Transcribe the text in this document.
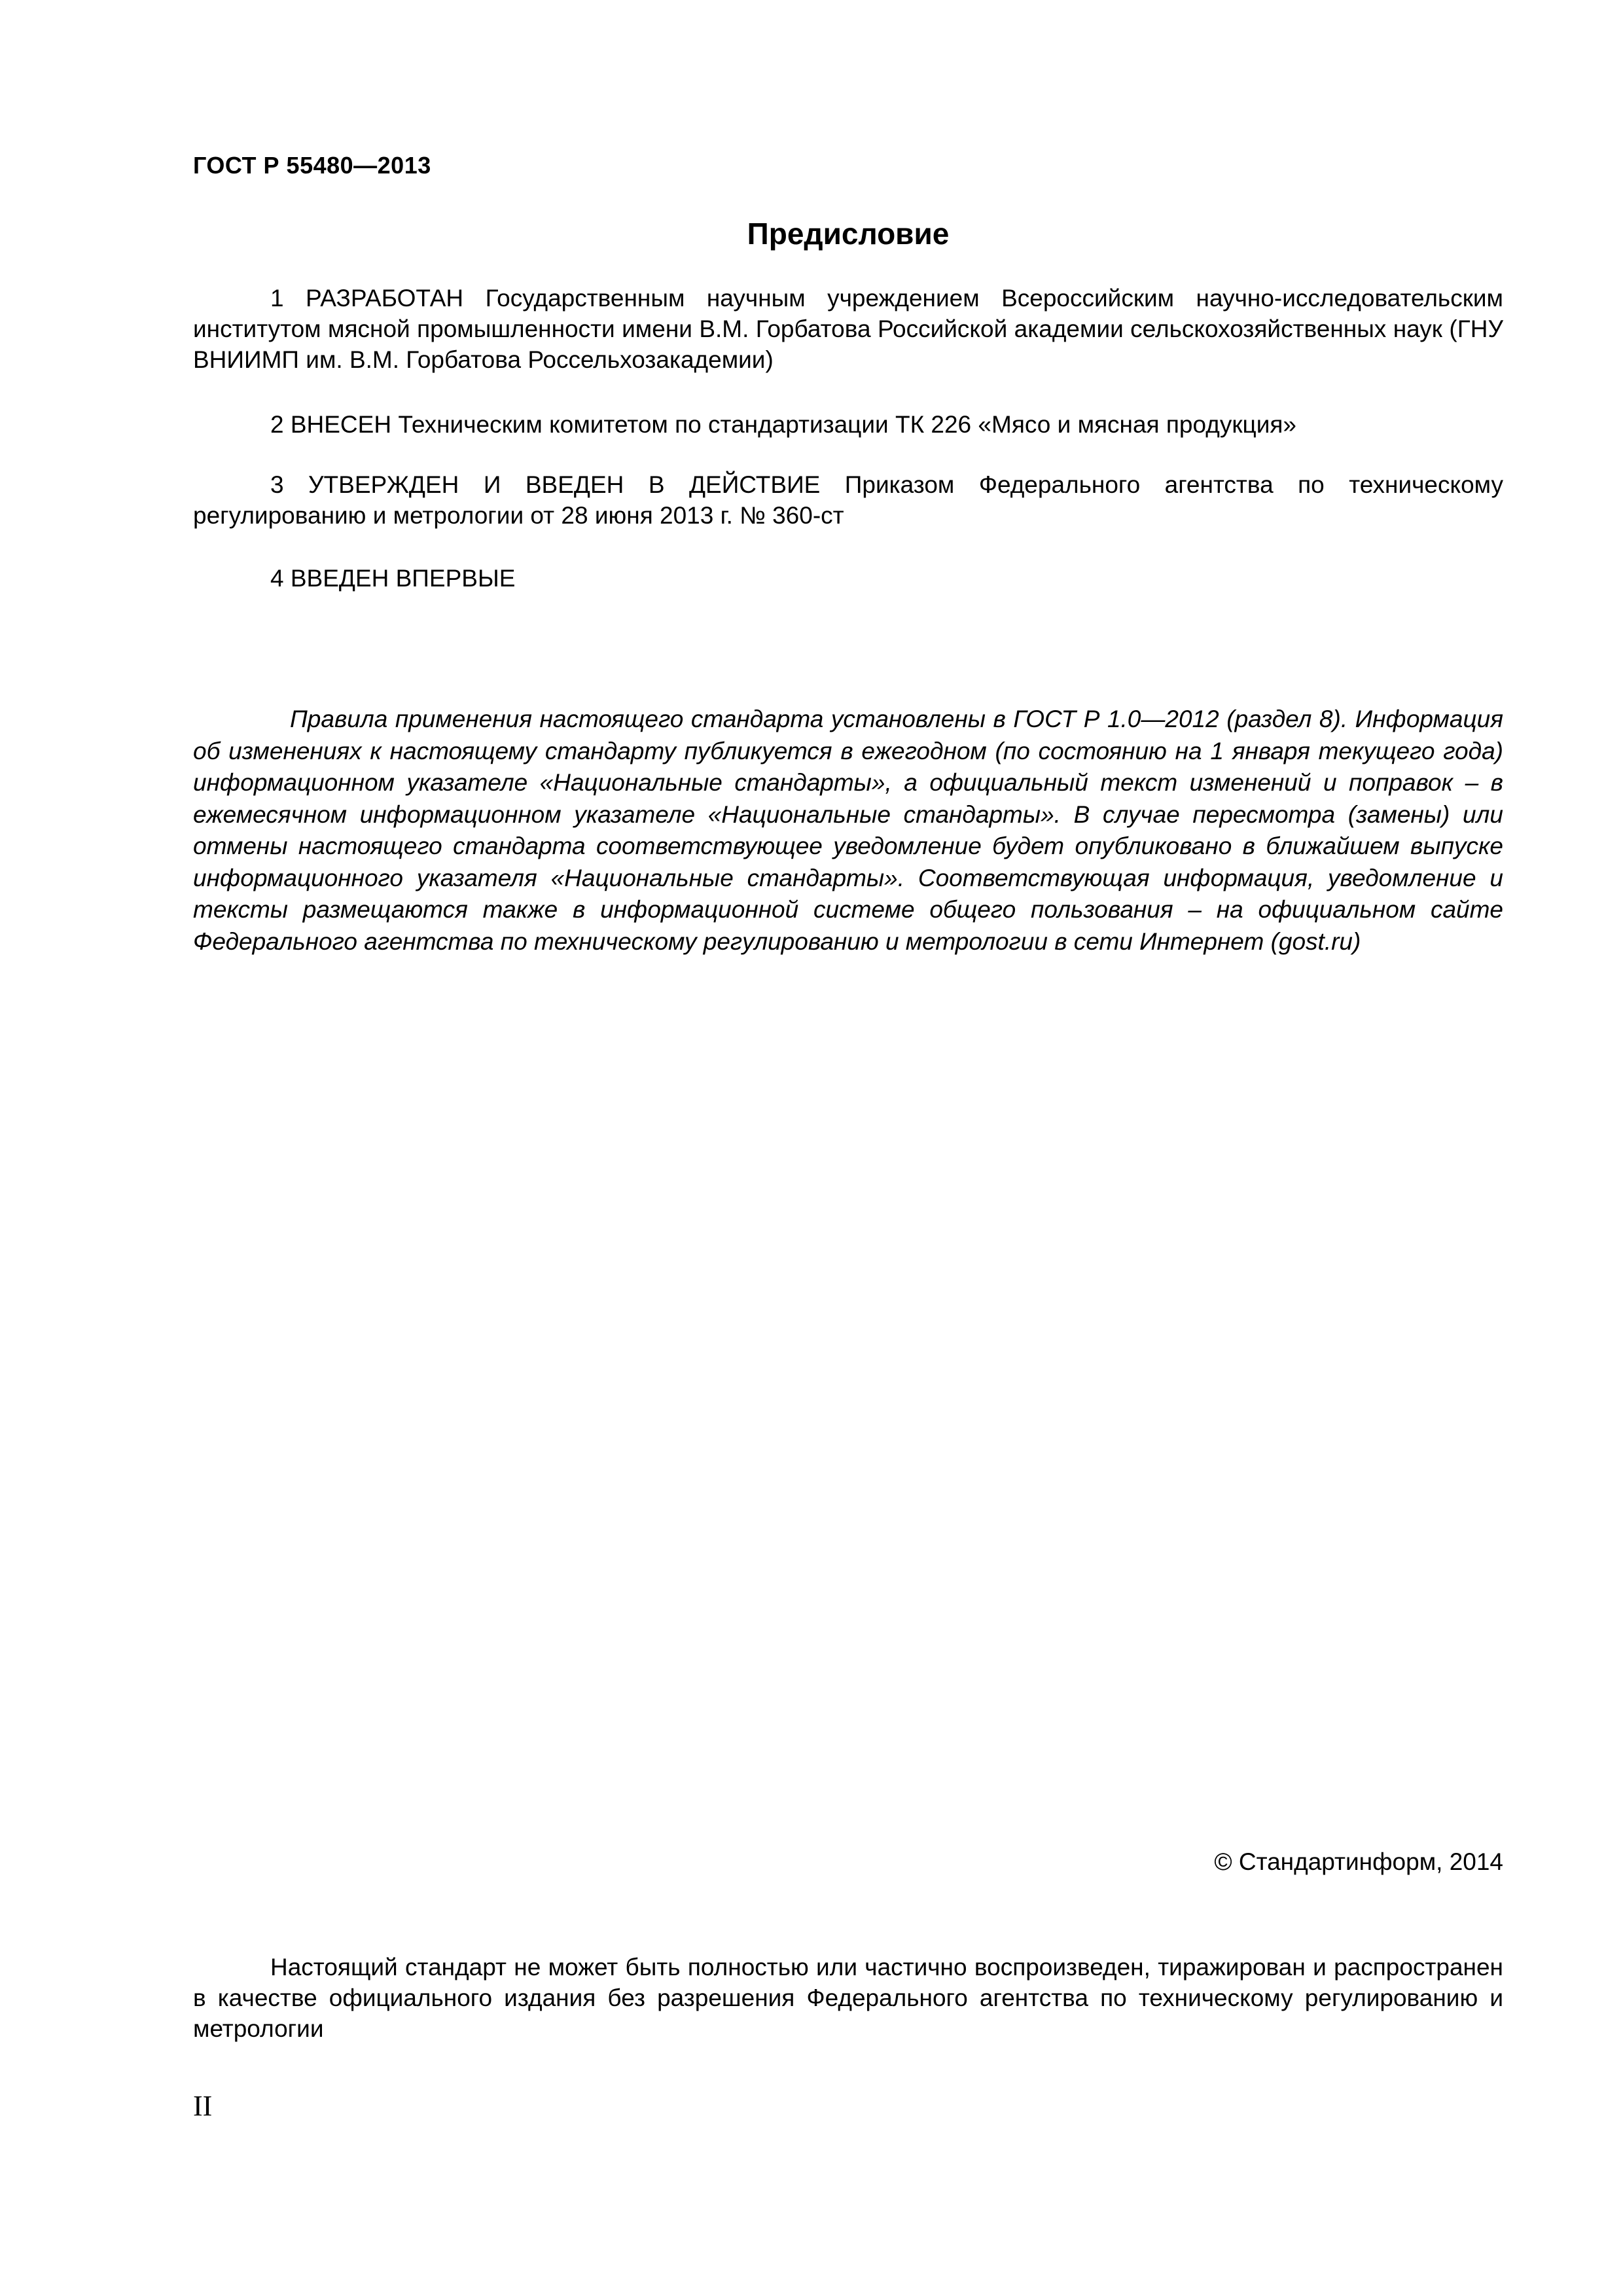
ГОСТ Р 55480—2013
Предисловие
1 РАЗРАБОТАН Государственным научным учреждением Всероссийским научно-исследовательским институтом мясной промышленности имени В.М. Горбатова Российской академии сельскохозяйственных наук (ГНУ ВНИИМП им. В.М. Горбатова Россельхозакадемии)
2 ВНЕСЕН Техническим комитетом по стандартизации ТК 226 «Мясо и мясная продукция»
3 УТВЕРЖДЕН И ВВЕДЕН В ДЕЙСТВИЕ Приказом Федерального агентства по техническому регулированию и метрологии от 28 июня 2013 г. № 360-ст
4 ВВЕДЕН ВПЕРВЫЕ
Правила применения настоящего стандарта установлены в ГОСТ Р 1.0—2012 (раздел 8). Информация об изменениях к настоящему стандарту публикуется в ежегодном (по состоянию на 1 января текущего года) информационном указателе «Национальные стандарты», а официальный текст изменений и поправок – в ежемесячном информационном указателе «Национальные стандарты». В случае пересмотра (замены) или отмены настоящего стандарта соответствующее уведомление будет опубликовано в ближайшем выпуске информационного указателя «Национальные стандарты». Соответствующая информация, уведомление и тексты размещаются также в информационной системе общего пользования – на официальном сайте Федерального агентства по техническому регулированию и метрологии в сети Интернет (gost.ru)
© Стандартинформ, 2014
Настоящий стандарт не может быть полностью или частично воспроизведен, тиражирован и распространен в качестве официального издания без разрешения Федерального агентства по техническому регулированию и метрологии
II
